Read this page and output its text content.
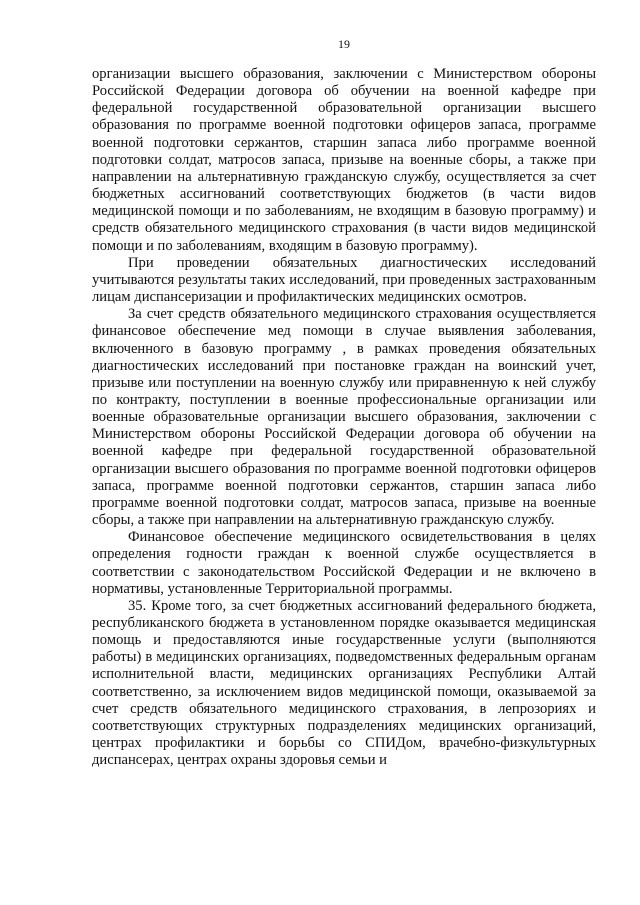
19

организации высшего образования, заключении с Министерством обороны Российской Федерации договора об обучении на военной кафедре при федеральной государственной образовательной организации высшего образования по программе военной подготовки офицеров запаса, программе военной подготовки сержантов, старшин запаса либо программе военной подготовки солдат, матросов запаса, призыве на военные сборы, а также при направлении на альтернативную гражданскую службу, осуществляется за счет бюджетных ассигнований соответствующих бюджетов (в части видов медицинской помощи и по заболеваниям, не входящим в базовую программу) и средств обязательного медицинского страхования (в части видов медицинской помощи и по заболеваниям, входящим в базовую программу).

При проведении обязательных диагностических исследований учитываются результаты таких исследований, при проведенных застрахованным лицам диспансеризации и профилактических медицинских осмотров.

За счет средств обязательного медицинского страхования осуществляется финансовое обеспечение мед помощи в случае выявления заболевания, включенного в базовую программу , в рамках проведения обязательных диагностических исследований при постановке граждан на воинский учет, призыве или поступлении на военную службу или приравненную к ней службу по контракту, поступлении в военные профессиональные организации или военные образовательные организации высшего образования, заключении с Министерством обороны Российской Федерации договора об обучении на военной кафедре при федеральной государственной образовательной организации высшего образования по программе военной подготовки офицеров запаса, программе военной подготовки сержантов, старшин запаса либо программе военной подготовки солдат, матросов запаса, призыве на военные сборы, а также при направлении на альтернативную гражданскую службу.

Финансовое обеспечение медицинского освидетельствования в целях определения годности граждан к военной службе осуществляется в соответствии с законодательством Российской Федерации и не включено в нормативы, установленные Территориальной программы.

35. Кроме того, за счет бюджетных ассигнований федерального бюджета, республиканского бюджета в установленном порядке оказывается медицинская помощь и предоставляются иные государственные услуги (выполняются работы) в медицинских организациях, подведомственных федеральным органам исполнительной власти, медицинских организациях Республики Алтай соответственно, за исключением видов медицинской помощи, оказываемой за счет средств обязательного медицинского страхования, в лепрозориях и соответствующих структурных подразделениях медицинских организаций, центрах профилактики и борьбы со СПИДом, врачебно-физкультурных диспансерах, центрах охраны здоровья семьи и
